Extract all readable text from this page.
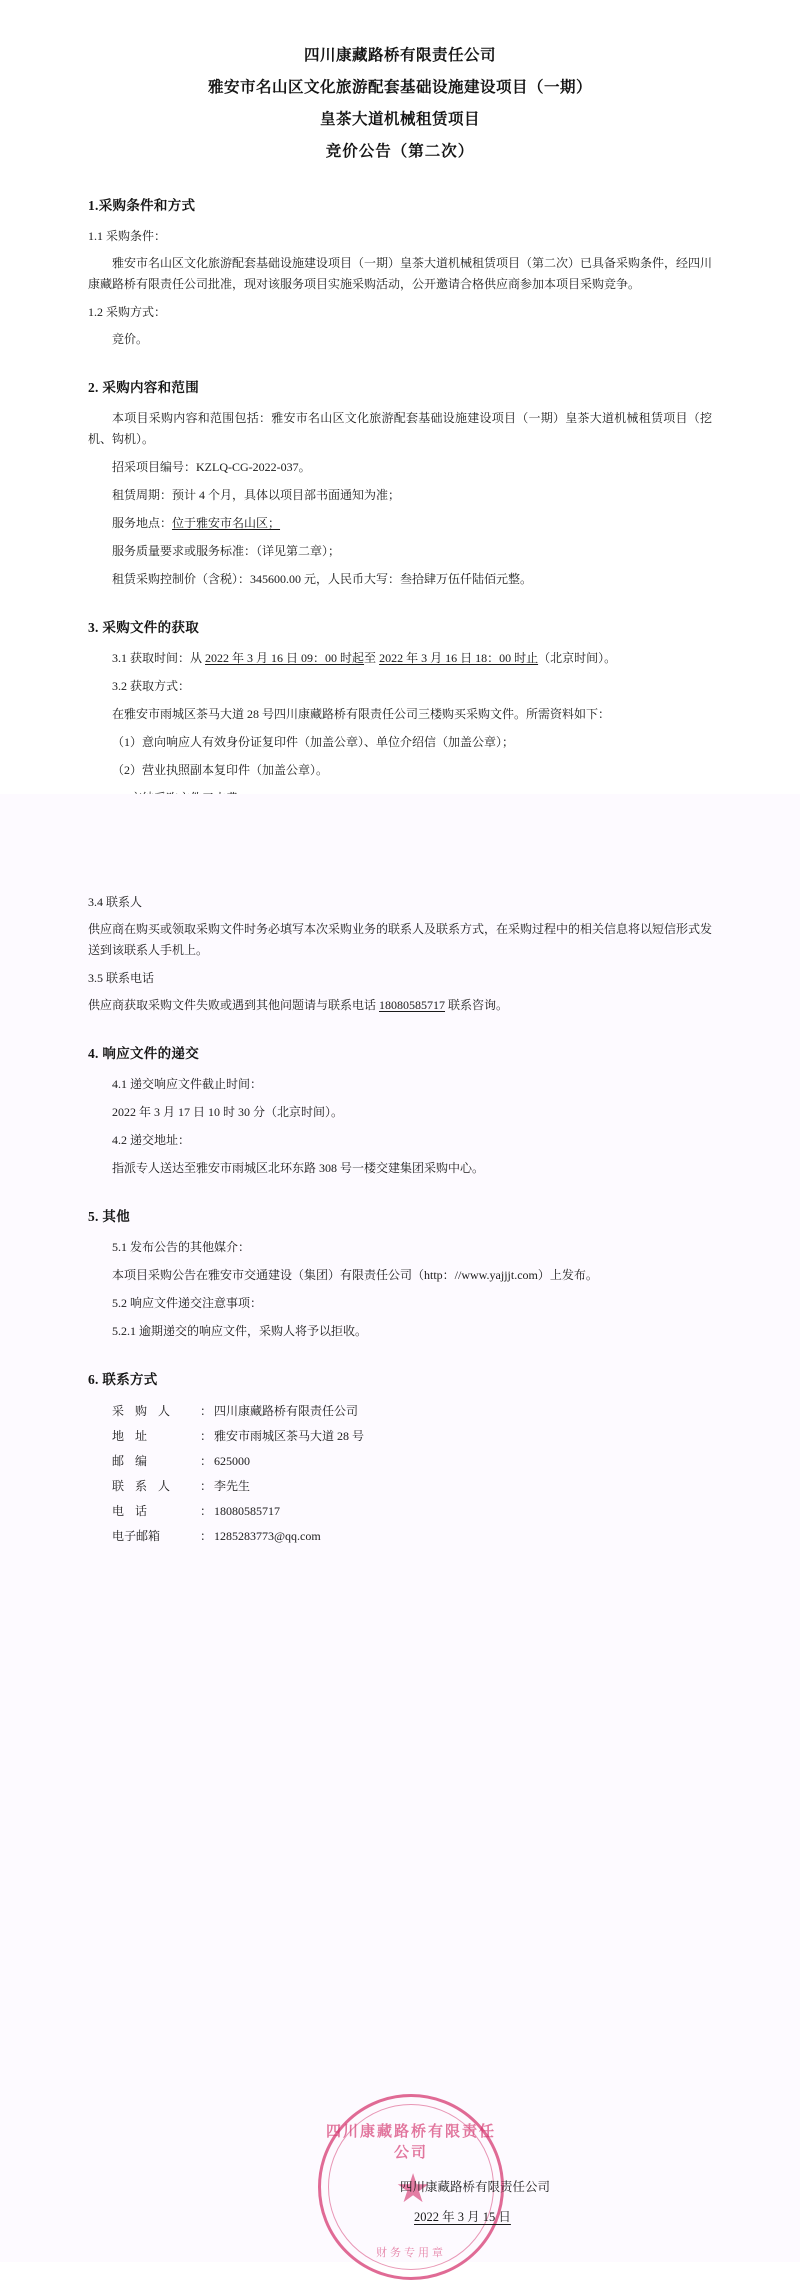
四川康藏路桥有限责任公司
雅安市名山区文化旅游配套基础设施建设项目（一期）
皇茶大道机械租赁项目
竞价公告（第二次）
1.采购条件和方式
1.1 采购条件：

雅安市名山区文化旅游配套基础设施建设项目（一期）皇茶大道机械租赁项目（第二次）已具备采购条件，经四川康藏路桥有限责任公司批准，现对该服务项目实施采购活动，公开邀请合格供应商参加本项目采购竞争。

1.2 采购方式：

竞价。

2. 采购内容和范围

本项目采购内容和范围包括：雅安市名山区文化旅游配套基础设施建设项目（一期）皇茶大道机械租赁项目（挖机、钩机）。

招采项目编号：KZLQ-CG-2022-037。
租赁周期：预计 4 个月，具体以项目部书面通知为准；
服务地点：位于雅安市名山区；
服务质量要求或服务标准：（详见第二章）；
租赁采购控制价（含税）：345600.00 元，人民币大写：叁拾肆万伍仟陆佰元整。
3. 采购文件的获取
3.1 获取时间：从 2022 年 3 月 16 日 09：00 时起至 2022 年 3 月 16 日 18：00 时止（北京时间）。
3.2 获取方式：

在雅安市雨城区茶马大道 28 号四川康藏路桥有限责任公司三楼购买采购文件。所需资料如下：

（1）意向响应人有效身份证复印件（加盖公章）、单位介绍信（加盖公章）；

（2）营业执照副本复印件（加盖公章）。

3.4 联系人

供应商在购买或领取采购文件时务必填写本次采购业务的联系人及联系方式，在采购过程中的相关信息将以短信形式发送到该联系人手机上。

3.5 联系电话

供应商获取采购文件失败或遇到其他问题请与联系电话 18080585717 联系咨询。

4. 响应文件的递交
4.1 递交响应文件截止时间：

2022 年 3 月 17 日 10 时 30 分（北京时间）。

4.2 递交地址：

指派专人送达至雅安市雨城区北环东路 308 号一楼交建集团采购中心。

5. 其他
5.1 发布公告的其他媒介：

本项目采购公告在雅安市交通建设（集团）有限责任公司（http：//www.yajjjt.com）上发布。

5.2 响应文件递交注意事项：

5.2.1 逾期递交的响应文件，采购人将予以拒收。

6. 联系方式
采 购 人	：	四川康藏路桥有限责任公司
地 址	：	雅安市雨城区茶马大道 28 号
邮 编	：	625000
联 系 人	：	李先生
电 话	：	18080585717
电子邮箱	：	1285283773@qq.com
四川康藏路桥有限责任公司
★
财务专用章
四川康藏路桥有限责任公司
2022 年 3 月 15 日
